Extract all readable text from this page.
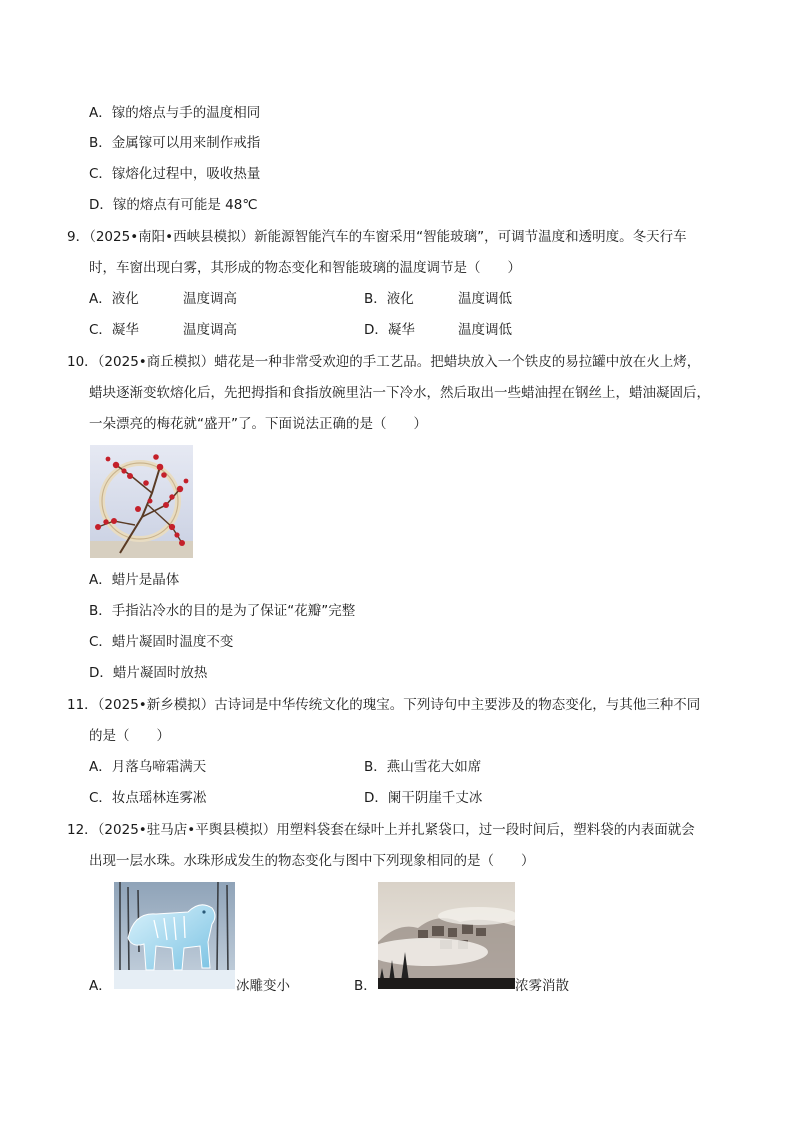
A．镓的熔点与手的温度相同
B．金属镓可以用来制作戒指
C．镓熔化过程中，吸收热量
D．镓的熔点有可能是 48℃
9．（2025•南阳•西峡县模拟）新能源智能汽车的车窗采用“智能玻璃”，可调节温度和透明度。冬天行车
时，车窗出现白雾，其形成的物态变化和智能玻璃的温度调节是（　　）
A．液化	温度调高	B．液化	温度调低
C．凝华	温度调高	D．凝华	温度调低
10．（2025•商丘模拟）蜡花是一种非常受欢迎的手工艺品。把蜡块放入一个铁皮的易拉罐中放在火上烤，
蜡块逐渐变软熔化后，先把拇指和食指放碗里沾一下冷水，然后取出一些蜡油捏在钢丝上，蜡油凝固后，
一朵漂亮的梅花就“盛开”了。下面说法正确的是（　　）
A．蜡片是晶体
B．手指沾冷水的目的是为了保证“花瓣”完整
C．蜡片凝固时温度不变
D．蜡片凝固时放热
11．（2025•新乡模拟）古诗词是中华传统文化的瑰宝。下列诗句中主要涉及的物态变化，与其他三种不同
的是（　　）
A．月落乌啼霜满天	B．燕山雪花大如席
C．妆点瑶林连雾凇	D．阑干阴崖千丈冰
12．（2025•驻马店•平舆县模拟）用塑料袋套在绿叶上并扎紧袋口，过一段时间后，塑料袋的内表面就会
出现一层水珠。水珠形成发生的物态变化与图中下列现象相同的是（　　）
A．	冰雕变小	B．	浓雾消散
